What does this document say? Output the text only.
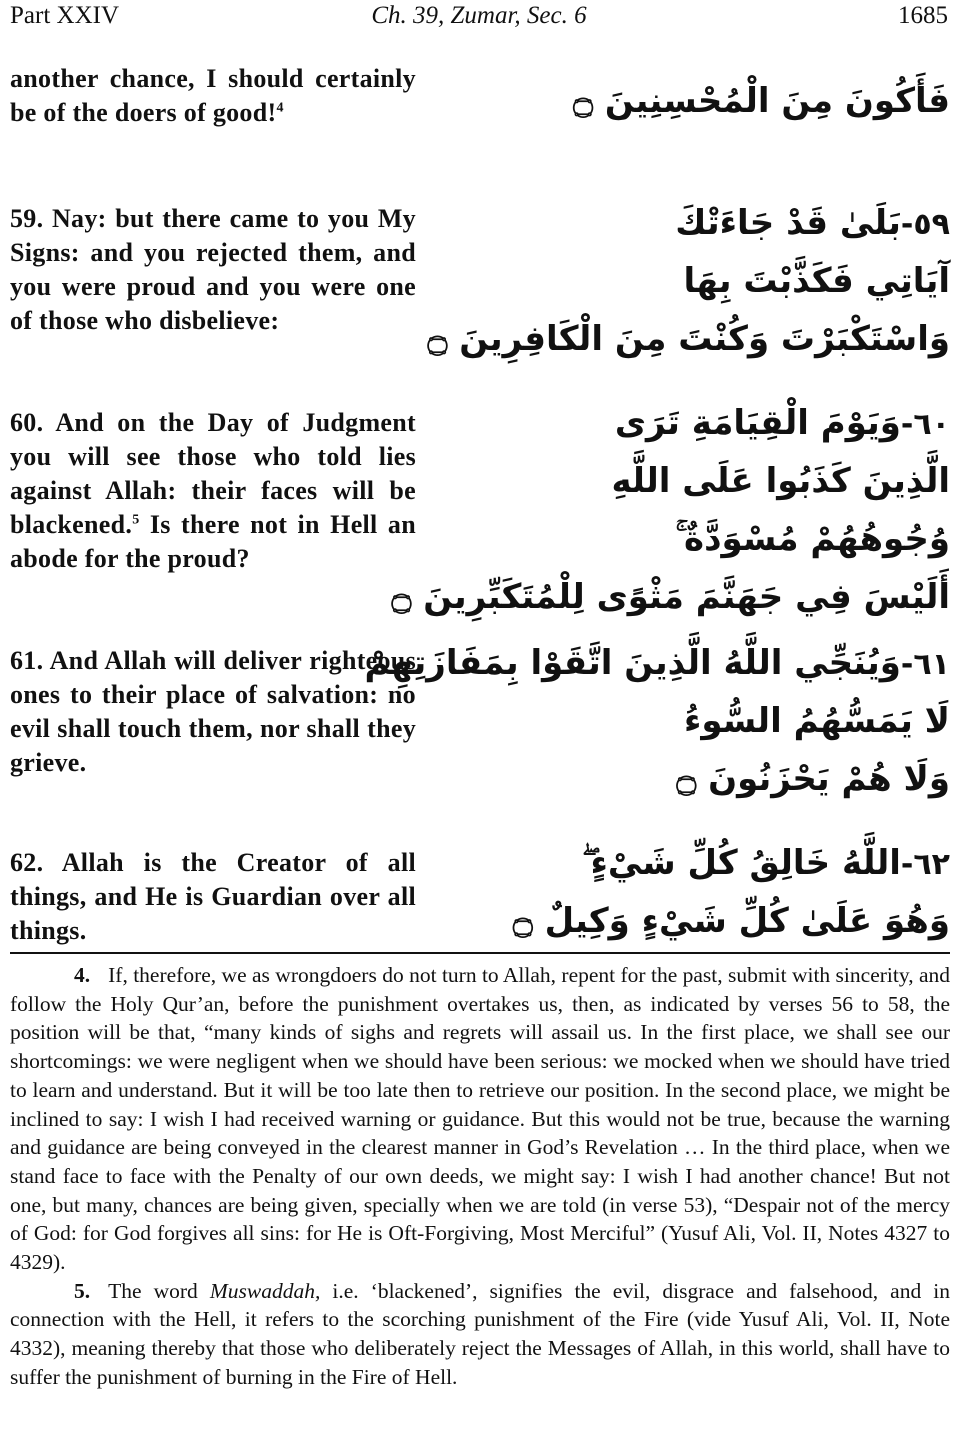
Part XXIV	Ch. 39, Zumar, Sec. 6	1685
another chance, I should certainly be of the doers of good!$^4$	فَأَكُونَ مِنَ الْمُحْسِنِينَ ۝
59. Nay: but there came to you My Signs: and you rejected them, and you were proud and you were one of those who disbelieve:
٥٩-بَلَىٰ قَدْ جَاءَتْكَ
آيَاتِي فَكَذَّبْتَ بِهَا
وَاسْتَكْبَرْتَ وَكُنْتَ مِنَ الْكَافِرِينَ ۝
60. And on the Day of Judgment you will see those who told lies against Allah: their faces will be blackened.$^5$ Is there not in Hell an abode for the proud?
٦٠-وَيَوْمَ الْقِيَامَةِ تَرَى
الَّذِينَ كَذَبُوا عَلَى اللَّهِ
وُجُوهُهُمْ مُسْوَدَّةٌ ۚ
أَلَيْسَ فِي جَهَنَّمَ مَثْوًى لِلْمُتَكَبِّرِينَ ۝
61. And Allah will deliver righteous ones to their place of salvation: no evil shall touch them, nor shall they grieve.
٦١-وَيُنَجِّي اللَّهُ الَّذِينَ اتَّقَوْا بِمَفَازَتِهِمْ
لَا يَمَسُّهُمُ السُّوءُ
وَلَا هُمْ يَحْزَنُونَ ۝
62. Allah is the Creator of all things, and He is Guardian over all things.
٦٢-اللَّهُ خَالِقُ كُلِّ شَيْءٍ ۖ
وَهُوَ عَلَىٰ كُلِّ شَيْءٍ وَكِيلٌ ۝

4. If, therefore, we as wrongdoers do not turn to Allah, repent for the past, submit with sincerity, and follow the Holy Qur’an, before the punishment overtakes us, then, as indicated by verses 56 to 58, the position will be that, “many kinds of sighs and regrets will assail us. In the first place, we shall see our shortcomings: we were negligent when we should have been serious: we mocked when we should have tried to learn and understand. But it will be too late then to retrieve our position. In the second place, we might be inclined to say: I wish I had received warning or guidance. But this would not be true, because the warning and guidance are being conveyed in the clearest manner in God’s Revelation … In the third place, when we stand face to face with the Penalty of our own deeds, we might say: I wish I had another chance! But not one, but many, chances are being given, specially when we are told (in verse 53), “Despair not of the mercy of God: for God forgives all sins: for He is Oft-Forgiving, Most Merciful” (Yusuf Ali, Vol. II, Notes 4327 to 4329).

5. The word Muswaddah, i.e. ‘blackened’, signifies the evil, disgrace and falsehood, and in connection with the Hell, it refers to the scorching punishment of the Fire (vide Yusuf Ali, Vol. II, Note 4332), meaning thereby that those who deliberately reject the Messages of Allah, in this world, shall have to suffer the punishment of burning in the Fire of Hell.
